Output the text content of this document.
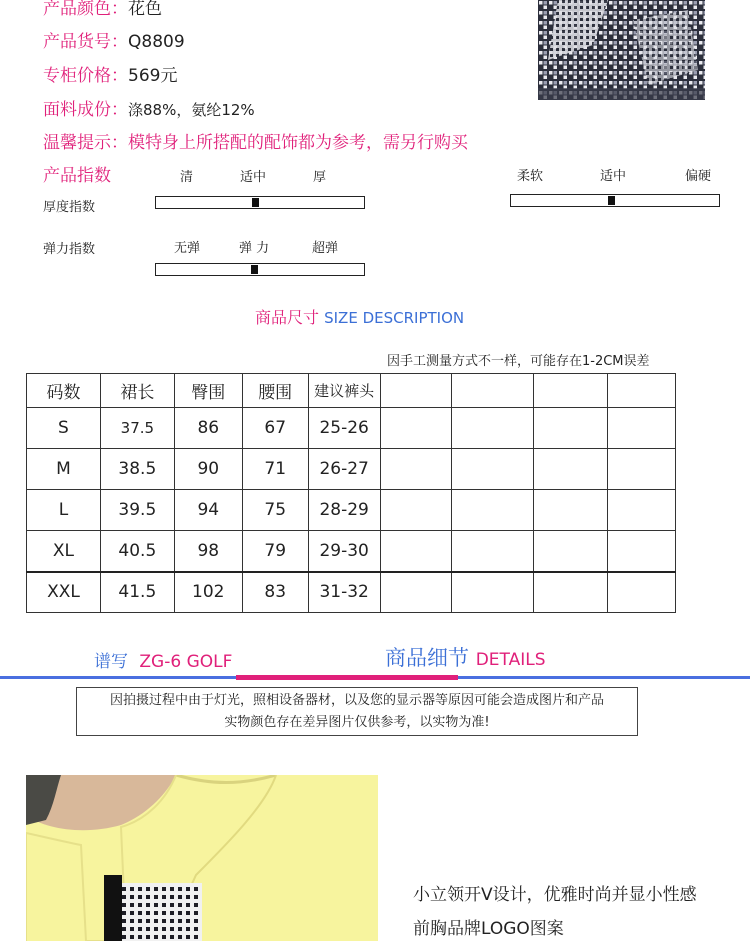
产品颜色：花色
产品货号：Q8809
专柜价格：569元
面料成份：涤88%，氨纶12%
温馨提示：模特身上所搭配的配饰都为参考，需另行购买
产品指数	清	适中	厚
厚度指数
柔软	适中	偏硬
无弹	弹 力	超弹
弹力指数
商品尺寸 SIZE DESCRIPTION
因手工测量方式不一样，可能存在1-2CM误差
码数	裙长	臀围	腰围	建议裤头				
S	37.5	86	67	25-26				
M	38.5	90	71	26-27				
L	39.5	94	75	28-29				
XL	40.5	98	79	29-30				
XXL	41.5	102	83	31-32				
谱写 ZG-6 GOLF	商品细节 DETAILS
因拍摄过程中由于灯光，照相设备器材，以及您的显示器等原因可能会造成图片和产品
实物颜色存在差异图片仅供参考，以实物为准!
小立领开V设计，优雅时尚并显小性感
前胸品牌LOGO图案
